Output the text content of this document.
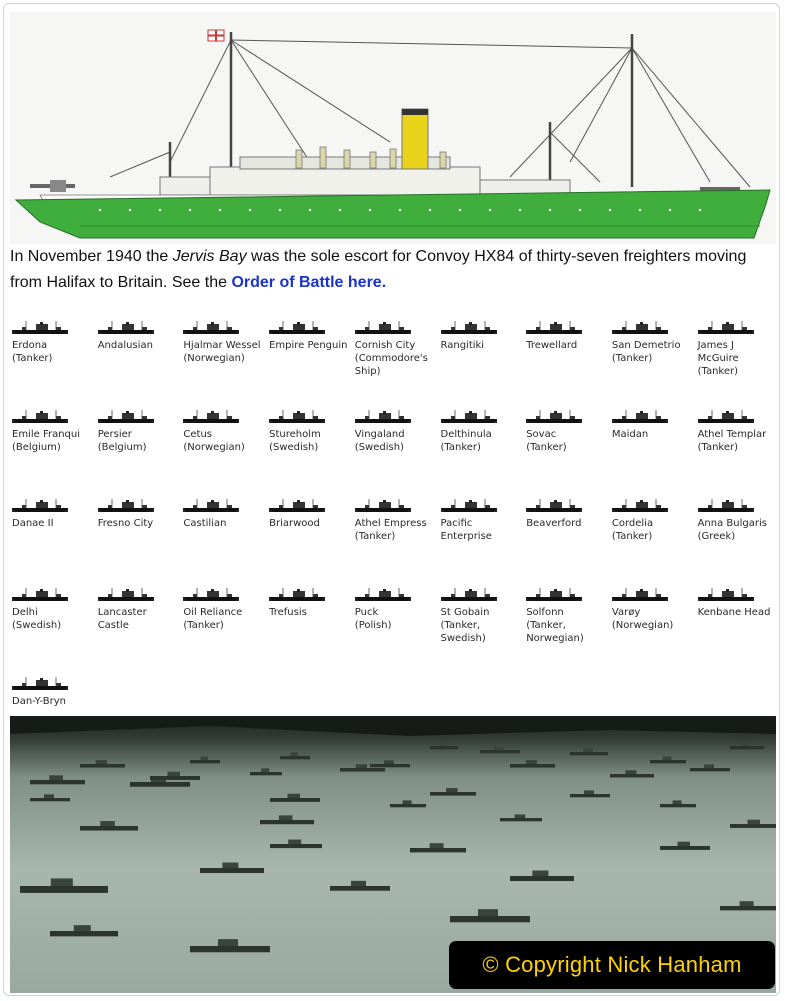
In November 1940 the Jervis Bay was the sole escort for Convoy HX84 of thirty-seven freighters moving from Halifax to Britain. See the Order of Battle here.
Erdona
(Tanker)
Andalusian	Hjalmar Wessel
(Norwegian)
Empire Penguin Cornish City
(Commodore's
Ship)
Rangitiki	Trewellard	San Demetrio
(Tanker)
James J
McGuire
(Tanker)
Emile Franqui
(Belgium)
Persier
(Belgium)
Cetus
(Norwegian)
Stureholm
(Swedish)
Vingaland
(Swedish)
Delthinula
(Tanker)
Sovac
(Tanker)
Maidan	Athel Templar
(Tanker)
Danae II	Fresno City	Castilian	Briarwood	Athel Empress
(Tanker)
Pacific
Enterprise
Beaverford	Cordelia
(Tanker)
Anna Bulgaris
(Greek)
Delhi
(Swedish)
Lancaster
Castle
Oil Reliance
(Tanker)
Trefusis	Puck
(Polish)
St Gobain
(Tanker,
Swedish)
Solfonn
(Tanker,
Norwegian)
Varøy
(Norwegian)
Kenbane Head
Dan-Y-Bryn
© Copyright Nick Hanham
